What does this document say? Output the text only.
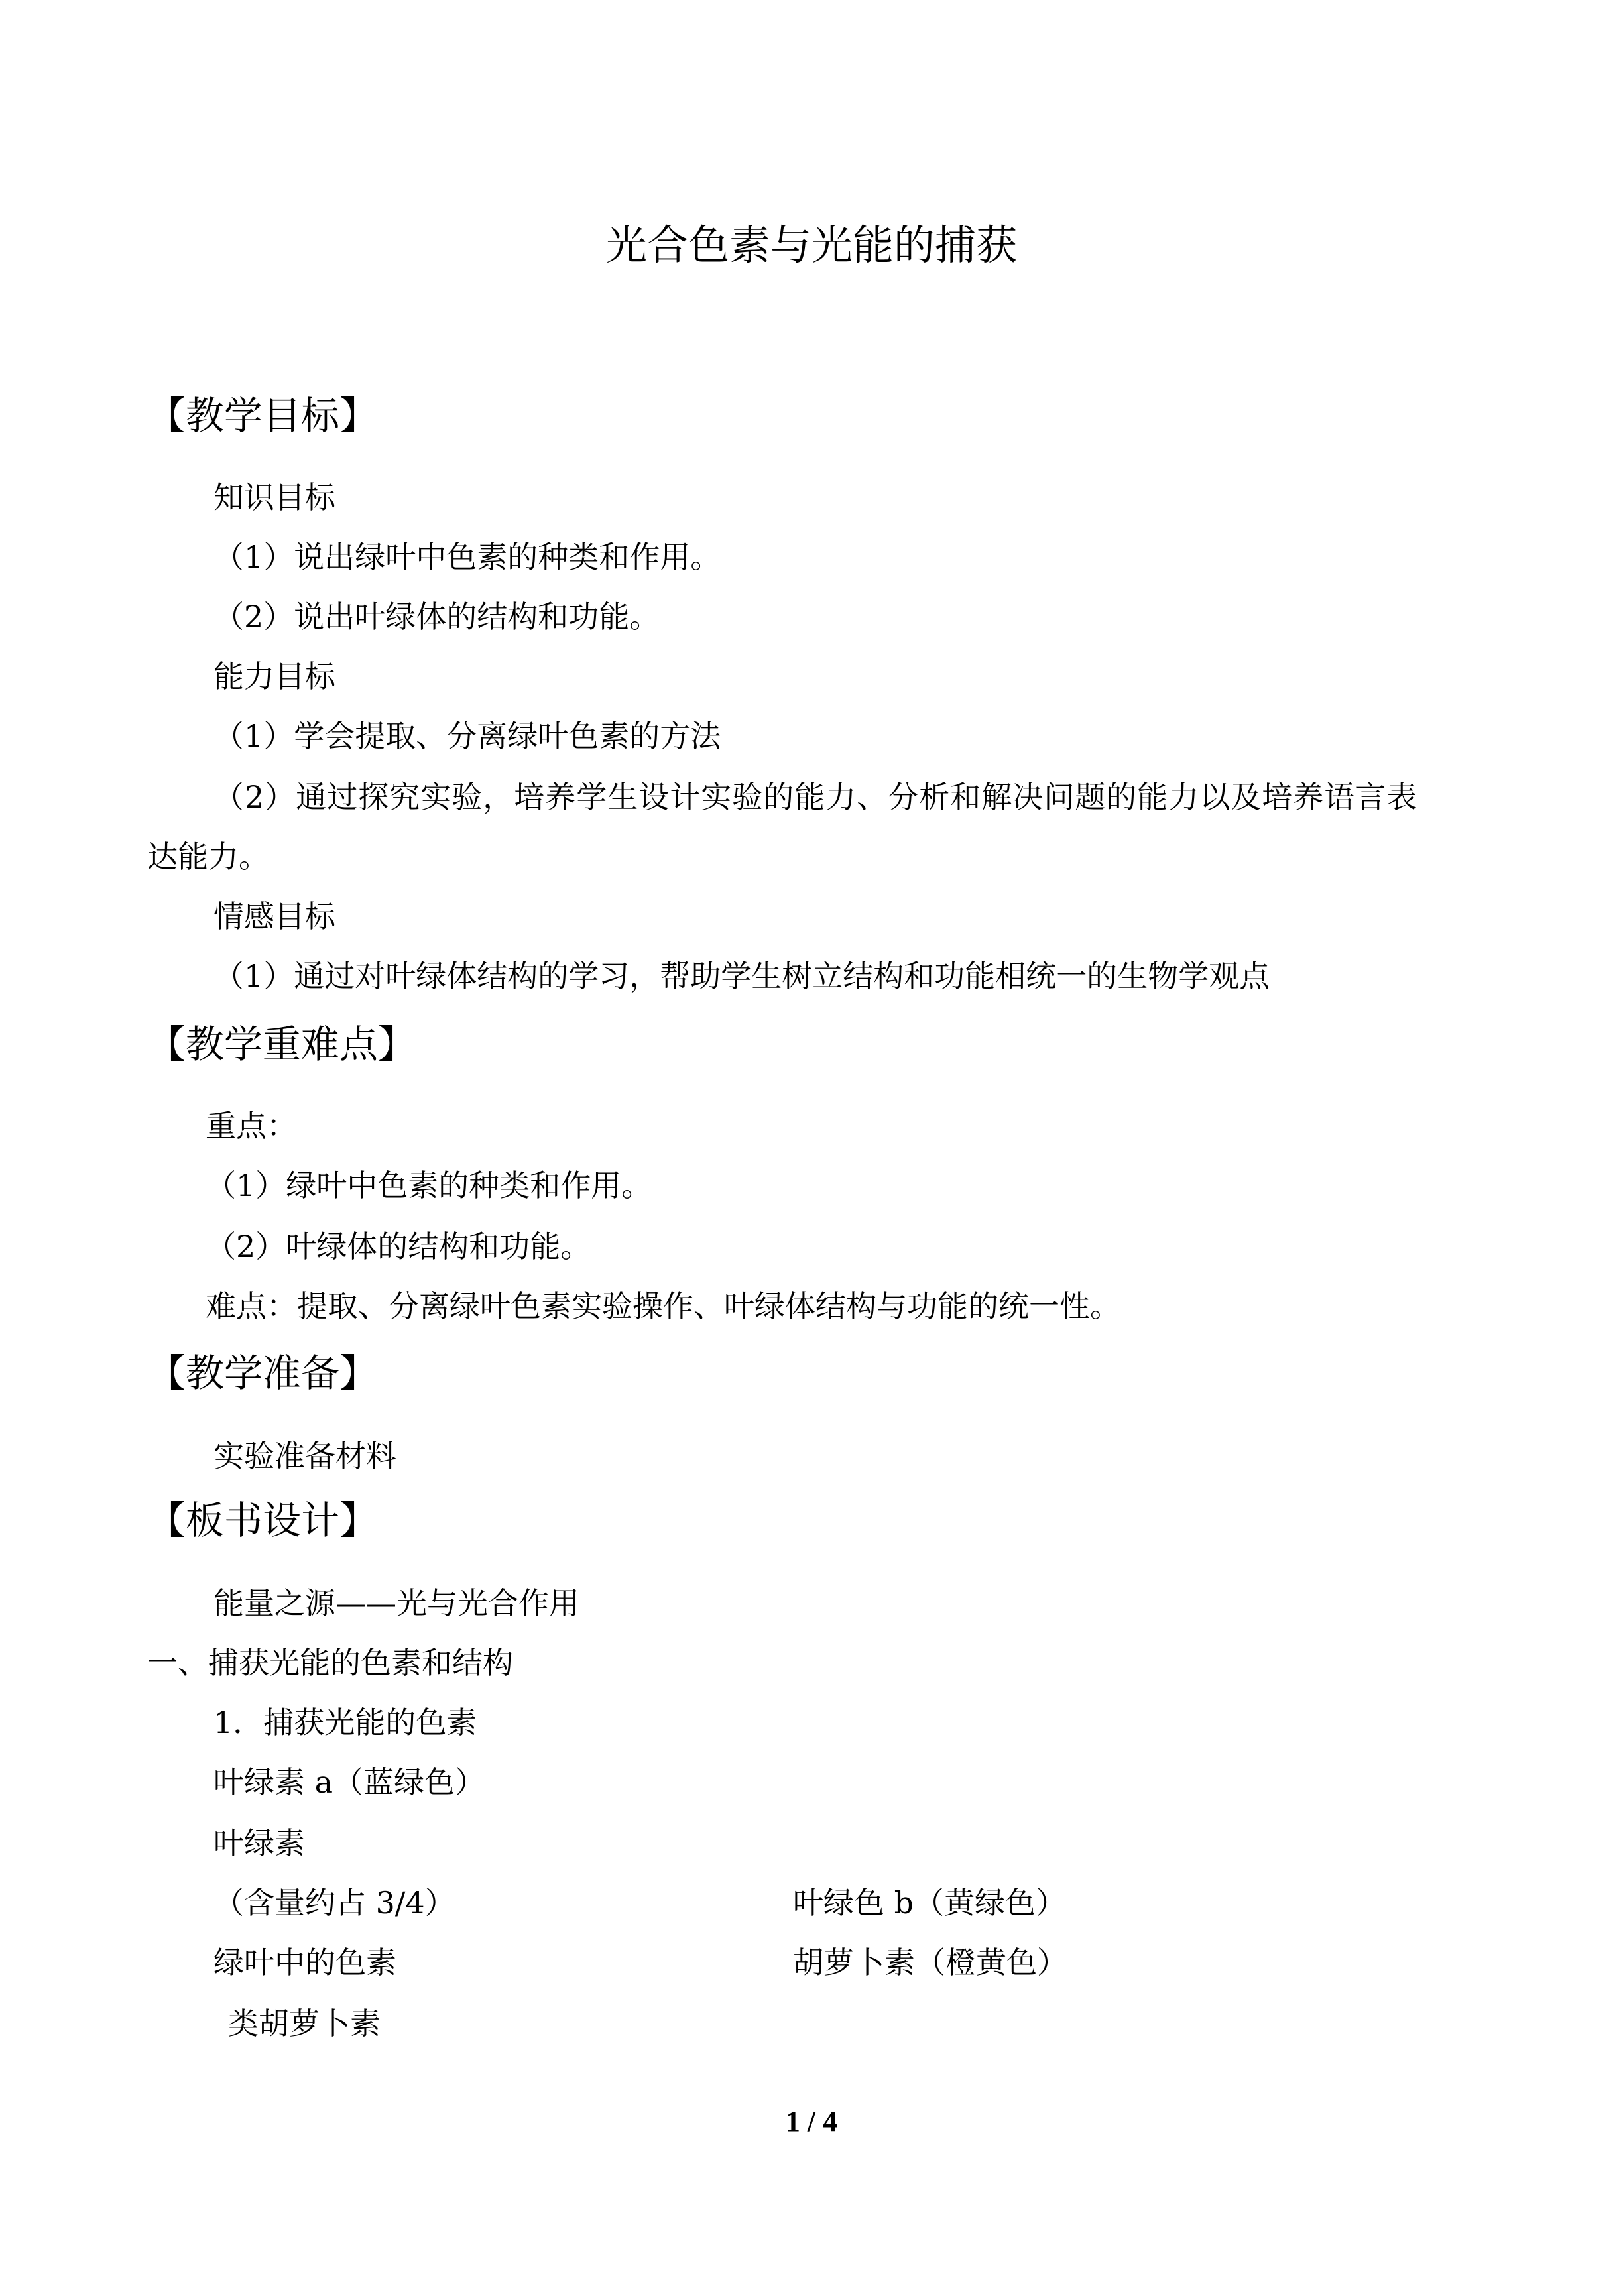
光合色素与光能的捕获
【教学目标】
知识目标
（1）说出绿叶中色素的种类和作用。
（2）说出叶绿体的结构和功能。
能力目标
（1）学会提取、分离绿叶色素的方法
（2）通过探究实验，培养学生设计实验的能力、分析和解决问题的能力以及培养语言表
达能力。
情感目标
（1）通过对叶绿体结构的学习，帮助学生树立结构和功能相统一的生物学观点
【教学重难点】
重点：
（1）绿叶中色素的种类和作用。
（2）叶绿体的结构和功能。
难点：提取、分离绿叶色素实验操作、叶绿体结构与功能的统一性。
【教学准备】
实验准备材料
【板书设计】
能量之源——光与光合作用
一、捕获光能的色素和结构
1．捕获光能的色素
叶绿素 a（蓝绿色）
叶绿素
（含量约占 3/4）	叶绿色 b（黄绿色）
绿叶中的色素	胡萝卜素（橙黄色）
类胡萝卜素
1 / 4
